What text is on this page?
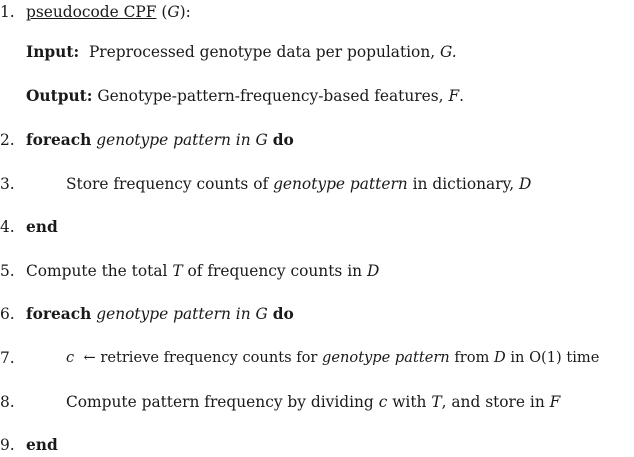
1. pseudocode CPF (G):
Input: Preprocessed genotype data per population, G.
Output: Genotype-pattern-frequency-based features, F.
2. foreach genotype pattern in G do
3.	Store frequency counts of genotype pattern in dictionary, D
4. end
5. Compute the total T of frequency counts in D
6. foreach genotype pattern in G do
7.	c ← retrieve frequency counts for genotype pattern from D in O(1) time
8.	Compute pattern frequency by dividing c with T, and store in F
9. end
